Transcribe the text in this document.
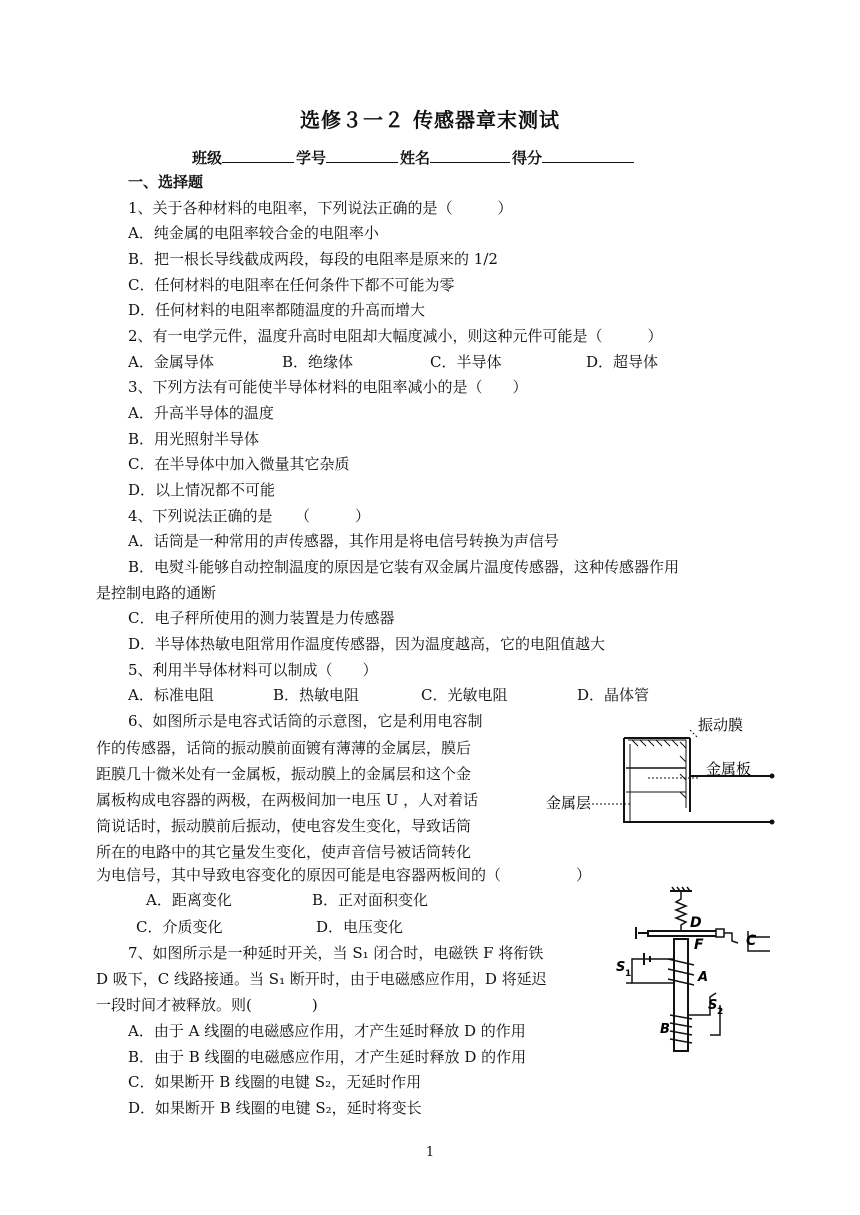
选修３一２ 传感器章末测试
班级	学号	姓名	得分
一、选择题
1、关于各种材料的电阻率，下列说法正确的是（　　　）
A．纯金属的电阻率较合金的电阻率小
B．把一根长导线截成两段，每段的电阻率是原来的 1/2
C．任何材料的电阻率在任何条件下都不可能为零
D．任何材料的电阻率都随温度的升高而增大
2、有一电学元件，温度升高时电阻却大幅度减小，则这种元件可能是（　　　）
A．金属导体	B．绝缘体	C．半导体	D．超导体
3、下列方法有可能使半导体材料的电阻率减小的是（　　）
A．升高半导体的温度
B．用光照射半导体
C．在半导体中加入微量其它杂质
D．以上情况都不可能
4、下列说法正确的是　　（　　　）
A．话筒是一种常用的声传感器，其作用是将电信号转换为声信号
B．电熨斗能够自动控制温度的原因是它装有双金属片温度传感器，这种传感器作用
是控制电路的通断
C．电子秤所使用的测力装置是力传感器
D．半导体热敏电阻常用作温度传感器，因为温度越高，它的电阻值越大
5、利用半导体材料可以制成（　　）
A．标准电阻	B．热敏电阻	C．光敏电阻	D．晶体管
6、如图所示是电容式话筒的示意图，它是利用电容制
作的传感器，话筒的振动膜前面镀有薄薄的金属层，膜后
距膜几十微米处有一金属板，振动膜上的金属层和这个金
属板构成电容器的两极，在两极间加一电压 U ，人对着话
筒说话时，振动膜前后振动，使电容发生变化，导致话筒
所在的电路中的其它量发生变化，使声音信号被话筒转化
为电信号，其中导致电容变化的原因可能是电容器两板间的（　　　　　）
A．距离变化	B．正对面积变化
C．介质变化	D．电压变化
振动膜
金属板
金属层
7、如图所示是一种延时开关，当 S₁ 闭合时，电磁铁 F 将衔铁
D 吸下，C 线路接通。当 S₁ 断开时，由于电磁感应作用，D 将延迟
一段时间才被释放。则(　　　　)
A．由于 A 线圈的电磁感应作用，才产生延时释放 D 的作用
B．由于 B 线圈的电磁感应作用，才产生延时释放 D 的作用
C．如果断开 B 线圈的电键 S₂，无延时作用
D．如果断开 B 线圈的电键 S₂，延时将变长
D
F	C
A
B
S 1
S 2
1
